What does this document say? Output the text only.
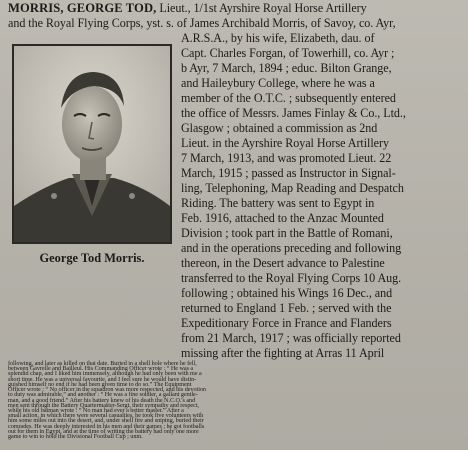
MORRIS, GEORGE TOD, Lieut., 1/1st Ayrshire Royal Horse Artillery
and the Royal Flying Corps, yst. s. of James Archibald Morris, of Savoy, co. Ayr,
A.R.S.A., by his wife, Elizabeth, dau. of
Capt. Charles Forgan, of Towerhill, co. Ayr ;
b Ayr, 7 March, 1894 ; educ. Bilton Grange,
and Haileybury College, where he was a
member of the O.T.C. ; subsequently entered
the office of Messrs. James Finlay & Co., Ltd.,
Glasgow ; obtained a commission as 2nd
Lieut. in the Ayrshire Royal Horse Artillery
7 March, 1913, and was promoted Lieut. 22
March, 1915 ; passed as Instructor in Signal-
ling, Telephoning, Map Reading and Despatch
Riding. The battery was sent to Egypt in
Feb. 1916, attached to the Anzac Mounted
Division ; took part in the Battle of Romani,
and in the operations preceding and following
thereon, in the Desert advance to Palestine
transferred to the Royal Flying Corps 10 Aug.
George Tod Morris.
following ; obtained his Wings 16 Dec., and
returned to England 1 Feb. ; served with the
Expeditionary Force in France and Flanders
from 21 March, 1917 ; was officially reported
missing after the fighting at Arras 11 April
following, and later as killed on that date. Buried in a shell hole where he fell,
between Gavrelle and Bailleul. His Commanding Officer wrote : “ He was a
splendid chap, and I liked him immensely, although he had only been with me a
short time. He was a universal favourite, and I feel sure he would have distin-
guished himself no end if he had been given time to do so.” The Equipment
Officer wrote : “ No officer in the squadron was more respected, and his devotion
to duty was admirable,” and another : “ He was a fine soldier, a gallant gentle-
man, and a good friend.” After his battery knew of his death the N.C.O.'s and
men sent through the Battery Quartermaster-Sergt. their sympathy and respect,
while his old batman wrote : “ No man had ever a better master.” After a
small action, in which there were several casualties, he took five volunteers with
him some miles out into the desert, and, under shell fire and sniping, buried their
comrades. He was deeply interested in his men and their games ; he got footballs
out for them in Egypt, and at the time of writing the battery had only one more
game to win to hold the Divisional Football Cup ; unm.
